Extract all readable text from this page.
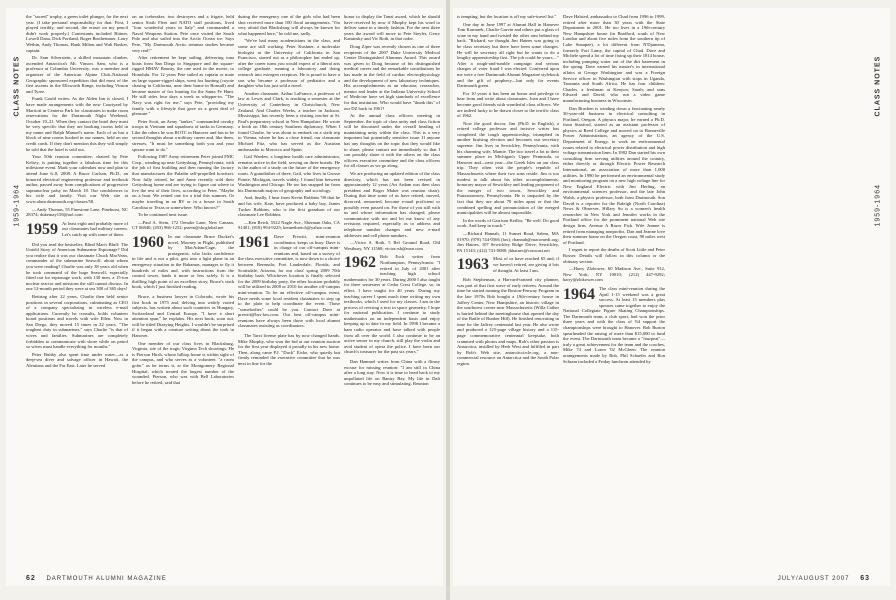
1959-1964
CLASS NOTES

the "sacred" trophy, a green toilet plunger, for the next year. (I take personal responsibility for that. First, I played terribly, and second, the eraser on my pencil didn't work properly.) Contestants included Bittner, Lowell Dana, Dick Portland, Roger Brothemmer, Larry Wethin, Andy Thomas, Hank Milton and Walt Busker, captain.

Dr. Sam Silverstein, a skilled mountain climber, ascended Antarctica's Mt. Vinson. Sam, who is a professor at Columbia University, was a member and organizer of the American Alpine Club–National Geographic sponsored expedition that did most of the first ascents in the Ellsworth Range, including Vinson and Tyree.

Frank Gould writes: As the Alden Inn is closed, I have made arrangements with the new Courtyard by Marriott in Centerra Park for classmates to make room reservations for the Dartmouth Night Weekend, October 19–21. When they contact the hotel they must be very specific that they are booking rooms held in my name and Ralph Manuel's name. Each of us has a block of nine rooms booked in our names, held on our credit cards. If they don't mention this they will simply be told that the hotel is sold out.

Your 50th reunion committee, chaired by Pete Kelsey, is putting together a fabulous time for this milestone event. Mark your calendars now and plan to attend June 6–8, 2008. A Bruce Carlson, Ph.D., an honored electrical engineering professor and textbook author, passed away from complications of progressive supranuclear palsy on March 18. Our condolences to his wife and family. Visit our Web site at www.alum.dartmouth.org/classes/58.

—Andy Thomas, 55 Finestone Lane, Pinehurst, NC 28374; dukemay158@aol.com

1959 At least eight and probably more of our classmates had military careers. Let's catch up with some of them.

Did you read the bestseller, Blind Man's Bluff: The Untold Story of American Submarine Espionage? Did you realize that it was our classmate Chuck MacVean, commander of the submarine Seawolf, about whom you were reading? Charlie was only 38 years old when he took command of the huge Seawolf, especially fitted out for espionage work, with 130 men, a 15-ton nuclear reactor and missions the still cannot discuss. In one 12-month period they were at sea 300 of 365 days!

Retiring after 22 years, Charlie then held senior positions in several corporations, culminating as CEO of a company specializing in wireless e-mail applications. Currently he consults, holds volunteer board positions and travels with wife Ellen. Now in San Diego, they moved 15 times in 22 years. "The toughest duty in submarines," says Charlie "is that of wives and families. Submarines are completely forbidden to communicate with shore while on patrol so wives must handle everything for months."

Peter Buhby also spent time under water—as a deep-sea diver and salvage officer in Hawaii, the Aleutians and the Far East. Later he served

on an icebreaker, two destroyers and a frigate, held senior Sixth Fleet and NATO staff positions, lived "four wonderful years in Italy" and commanded a Naval Weapons Station. Pete once visited the South Pole and also sailed into the Arctic Ocean ice. Says Pete, "My Dartmouth Arctic seminar studies became very real!"

After retirement he kept sailing, delivering tuna boats from San Diego to Singapore and the square-rigged HMAV Bounty, the one used in the movie, to Honolulu. For 12 years Pete sailed as captain or mate on large square-rigged ships, went fox hunting (coyote chasing in California, near their home in Bonsall) and became master of fox hunting for the Santa Fe Hunt. He still rides four days a week as whipper-in. "The Navy was right for me," says Pete, "providing my family with a lifestyle that gave us a great deal of pleasure."

Peter Scott, an Army "tanker," commanded cavalry troops in Vietnam and squadrons of tanks in Germany. Like the others he was ROTC in Hanover and has to be second thoughts about a military career and, like them, stresses, "It must be something both you and your spouse want to do."

Following 1987 Army retirement Peter joined FMC Corp., winding up near Gettysburg, Pennsylvania, with the job of first building and then running the factory that manufactures the Paladin self-propelled howitzer. Now fully retired, he and Anne recently sold their Gettysburg home and are trying to figure out where to live the rest of their lives, according to Peter. "Maybe on a boat. We rented one for a trial this summer. Or maybe traveling in an RV or in a house in South Carolina or Texas or somewhere. Who knows?"

To be continued next issue.

—Paul A. Stein, 172 Oenoke Lane, New Canaan, CT 06840; (203) 966-1252; pstein@sbcglobal.net

1960 In our classmate Bruce Ducker's novel, Mooney in Flight, published by MacAdam/Cage, the protagonist, who lacks confidence in life and is not a pilot, gets into a light plane in an emergency situation in the Bahamas, manages to fly it hundreds of miles and, with instructions from the control tower, lands it more or less safely. It is a thrilling high point of an excellent story, Bruce's sixth book, which I just finished reading.

Bruce, a business lawyer in Colorado, wrote his first book in 1975 and, delving into widely varied subjects, has written about such countries as Hungary, Switzerland and Central Europe. "I have a short attention span," he explains. His next book, soon out, will be titled Dizzying Heights. I wouldn't be surprised if it began with a creature writing about the took in Hanover.

One member of our class lives in Blacksburg, Virginia, site of the tragic Virginia Tech shootings. He is Pierson Hirsh, whose hilltop home is within sight of the campus, and who serves as a volunteer. "a room gofer" as he terms it, at the Montgomery Regional Hospital, which treated the largest number of the wounded. Pierson, who was with Bell Laboratories before he retired, said that

during the emergency one of the girls who had been shot received more than 100 floral arrangements. "I'm very afraid that Blacksburg will always be known for what happened here," he told me, sadly.

"We've had many academicians in the class, and some are still working. Peter Kushner, a molecular biologist at the University of California in San Francisco, started out as a philosopher but ended up, after the career turns you would expect of a liberal arts college graduate, running a laboratory and doing research into estrogen receptors. He is proud to have a son who became a professor of pediatrics and a daughter who has just sold a novel.

Another classmate, Arthur LaFrance, a professor of law at Lewis and Clark, is teaching a semester at the University of Canterbury in Christchurch, New Zealand. And Charles Weeks, a teacher in Jackson, Mississippi, has recently been a visiting teacher at St. Paul's preparatory school in New Hampshire. He wrote a book on 18th century Southern diplomacy. When I found Charlie, he was about to embark on a sixth trip to Vienna, where he has a close friend, our classmate Michael Fitz, who has served as the Austrian ambassador to Morocco and Spain.

Gail Warden, a longtime health care administrator, remains active in the field, serving on three boards. He is the author of a study on the future of the emergency room. A grandfather of three, Gail, who lives in Grosse Pointe, Michigan, travels widely. I found him between Washington and Chicago. He too has snapped far from his Dartmouth majors of geography and sociology.

And, finally, I hear from Kevin Robbins '98 that he and his wife, Kate, have produced a baby boy, James Tucker Robbins, who is the first grandson of our classmate Lee Robbins.

—Ken Reich, 5522 Nagle Ave., Sherman Oaks, CA 91401; (818) 994-9225; kennethreich@yahoo.com

1961 Dave Prewitt, mini-reunion coordinator, keeps us busy. Dave is in charge of our off-campus mini-reunions and, based on a survey of the class executive committee, is now down to a choice between Bermuda; Fort Lauderdale, Florida, and Scottsdale, Arizona, for our class' spring 2009 70th birthday bash. Whichever location is finally selected for the 2009 birthday party, the other location probably will be utilized in 2008 or 2010 for another off-campus mini-reunion. To be an effective off-campus event, Dave needs some local resident classmates to step up to the plate to help coordinate the event. Those "somebodies" could be you. Contact Dave at prewitt@bss-law.com. Our best off-campus mini-reunions have always been those with local alumni classmates assisting as coordinators.

The Tarzi license plate has by now changed hands. Mike Murphy, who won the bid at our reunion auction for the first year displayed it proudly in his new home. Then, along came P.J. "Duck" Eicke, who quietly but firmly reminded the executive committee that he was next in line for the

honor to display the Tanzi award, which he should have received by now if Murphy kept his word to deliver same in a timely fashion. For the next three years the award will move to Pete Steyler, Gerry Kaminsky and Vic Roth, in that order.

Doug Ziper was recently chosen as one of three recipients of the 2007 Duke University Medical Center Distinguished Alumnus Award. This award was given to Doug because of his distinguished medical career and the remarkable contributions he has made in the field of cardiac electrophysiology and the development of new laboratory techniques. His accomplishments as an educator, researcher, mentor and leader at the Indiana University School of Medicine have set high standards of excellence for that institution. Who would have "thunk this" of our DZ back in 1961?

At the annual class officers meeting in September, the topic of class unity and class fiction will be discussed under the overall heading of maintaining unity within the class. This is a very important but potentially sensitive issue. If anyone has any thoughts on the topic that they would like to share, please contact me immediately so that I can possibly share it with the others on the class officers executive committee and the class officers for all classes as we go along.

We are producing an updated edition of the class directory, which has not been revised in approximately 12 years (Art Ardam was then class president and Roger Maher was reunion chair). During that time some of us have retired, moved, divorced, remarried, become e-mail proficient or possibly even passed on. For those of you still with us and whose information has changed, please communicate with me and let me know of any revisions required, especially as to address and telephone number changes and new e-mail addresses and cell phone numbers.

—Victor S. Roth, 5 Bel Ground Road, Old Westbury, NY 11568; victor.rsh@msn.com

1962 Bob Esch writes from Northampton, Pennsylvania: "I retired in July of 2001 after teaching high school mathematics for 30 years. During 2000 I also taught for three semesters at Cedar Crest College, so, in effect, I have taught for 40 years. During my teaching career I spent much time writing my own textbooks, which I used for my classes. I am in the process of revising a text in space geometry, I hope for national publication. I continue to study mathematics on an independent basis and enjoy keeping up to date in my field. In 1998 I became a ham radio operator and have talked with people from all over the world. I also continue to be an active senior in my church, still play the violin and avid student of opera the police. I have been our church's treasurer for the past six years."

Dan Hammel writes from China with a flimsy excuse for missing reunion: "I am still in China after a long stay. Now it is time to head back to my unpolluted life on Bantry Bay. My life in Dali continues to be easy and stimulating. Reunion

62 DARTMOUTH ALUMNI MAGAZINE

is tempting, but the location is off my safe-travel list."

One day in June 1997 at Alumni Hall in Hanover Tom Komarek, Charlie Garvin and others put a glass of wine in my hand and twisted the other arm behind my back. "Richard, we thought Jim Haines was going to be class secretary but there have been some changes. He will be secretary all right but he wants to do a lengthy apprenticeship first. The job could be yours...." After a rough-and-tumble campaign and serious charges of voter fraud I was elected. Conferred upon me were a free Dartmouth Alumni Magazine stylebook and the gift of prophecy—but only for events Dartmouth green.

For 10 years it has been an honor and privilege to hear from and write about classmates. Joan and I have become good friends with wonderful class officers. We are indeed lucky to be drawn closer to the terrific class of 1962.

Now the good doctor, Jim (Ph.D. in English), a retired college professor and incisive writer has completed the tough apprenticeship, triumphed in another bruising election and becomes our secretary supreme. Jim lives in Sewickley, Pennsylvania, with his charming wife, Mamie. The two travel a lot to their summer place in Michigan's Upper Peninsula, to Hanover and—next year—the Greek Isles on our class trip. They often visit the people's republic of Massachusetts where their two sons reside. Jim is too modest to talk about his other accomplishments: honorary mayor of Sewickley and leading proponent of the merger of two towns, Sewickley and Punxsutawney, Pennsylvania. He is unquoted by the fact that they are about 70 miles apart or that the combined spelling and pronunciation of the merged municipalities will be almost impossible.

In the words of Garrison Keillor, "Be well. Do good work. And keep in touch."

—Richard Hannah, 11 Sunset Road, Salem, MA 01970; (978) 744-0566 (fax); rhannah@macomedi.org; Jim Haines, 107 Sewickley Ridge Drive, Sewickley, PA 15143; (412) 741-0088; jhhaines@comcast.net

1963 Most of us have reached 65 and, if we haven't retired, are giving it lots of thought. At least I am.

Rob Stephenson, a Harvard-trained city planner, was part of that first wave of early retirees. Around the time he started running the Boston-Fenway Program in the late 1970s Rob bought a 19th-century house in Jaffrey Center, New Hampshire, an historic village in the southwest corner near Massachusetts (Willa Cather is buried behind the meetinghouse that opened the day of the Battle of Bunker Hill). He finished renovating in time for the Jaffrey centennial last year. He also wrote and produced a 125-page village history and a 115-page commemorative centennial keepsake, both crammed with photos and maps. Rob's other passion is Antarctica, instilled by Herb West and fulfilled in part by Rob's Web site, antarcticcircle.org, a non-commercial resource on Antarctica and the South Polar region.

Dave Halsted, ambassador to Chad from 1996 to 1999, retired after more than 30 years with the State Department in 2001. He too lives in a 19th-century New Hampshire house (in Bradford, south of New London and about five miles from the southern tip of Lake Sunapee), a lot different from N'Djamena, formerly Fort Lamy, the capital of Chad. Dave and Michele spend a lot of time fixing up their 1814 house, including pumping water out of the dirt basement in the spring. Dave earned his master's in international affairs at George Washington and was a Foreign Service officer in Washington with stops in Uganda, Tanzania and South Africa. He has four children: Charles, a freshman at Kenyon; Sarah; and sons Edward and David, who run a video game manufacturing business in Wisconsin.

Dan Bracken is winding down a fascinating nearly 30-year-old business in electrical consulting in Portland, Oregon. A physics major, he earned a Ph.D. from Stanford, started as an assistant professor of physics at Reed College and moved on to Bonneville Power Administration, an agency of the U.S. Department of Energy, to work on environmental issues related to electrical power distribution and high voltage transmission lines. In 1982 Dan started his own consulting firm serving utilities around the country, either directly or through Electric Power Research International, an association of more than 1,000 utilities. In 1980 he performed an environmental study and monitoring program on a new high voltage line for New England Electric with Jim Herling, an environmental sciences professor, and the late John Walsh, a physics professor, both from Dartmouth. Son David is a reporter for the Raleigh (North Carolina) News & Observer, Hillary Su is a women's health researcher in New York and Jennifer works in the Portland office for the prominent national Web site design firm, Avenue A Razor Fish. Wife Jeanne is retired from managing nonprofits. Dan and Jeanne love their summer home on the Oregon coast, 90 miles west of Portland.

I regret to report the deaths of Scott Little and Peter Rosser. Details will follow in this column or the obituary section.

—Harry Zlokower, 60 Madison Ave., Suite 912, New York, NY 10010; (212) 447-9292; harry@zlokower.com

1964 The class mini-reunion during the April 1-15 weekend was a great success. At least 15 members plus spouses came together to enjoy the National Collegiate Figure Skating Championships. The Dartmouth team, a club sport, had won the prior three years and with the class of '64 support the championships were brought to Hanover. Bob Burton spearheaded the raising of more than $15,000 to fund the event. The Dartmouth team became a "fourpeat"—truly a great achievement for the team and the coaches, Mike 74 and Loren '02 McGleen. The reunion arrangements made by Bob, Phil Schaefer and Ron Schram included a Friday luncheon attended by

1959-1964
CLASS NOTES
JULY/AUGUST 2007 63
